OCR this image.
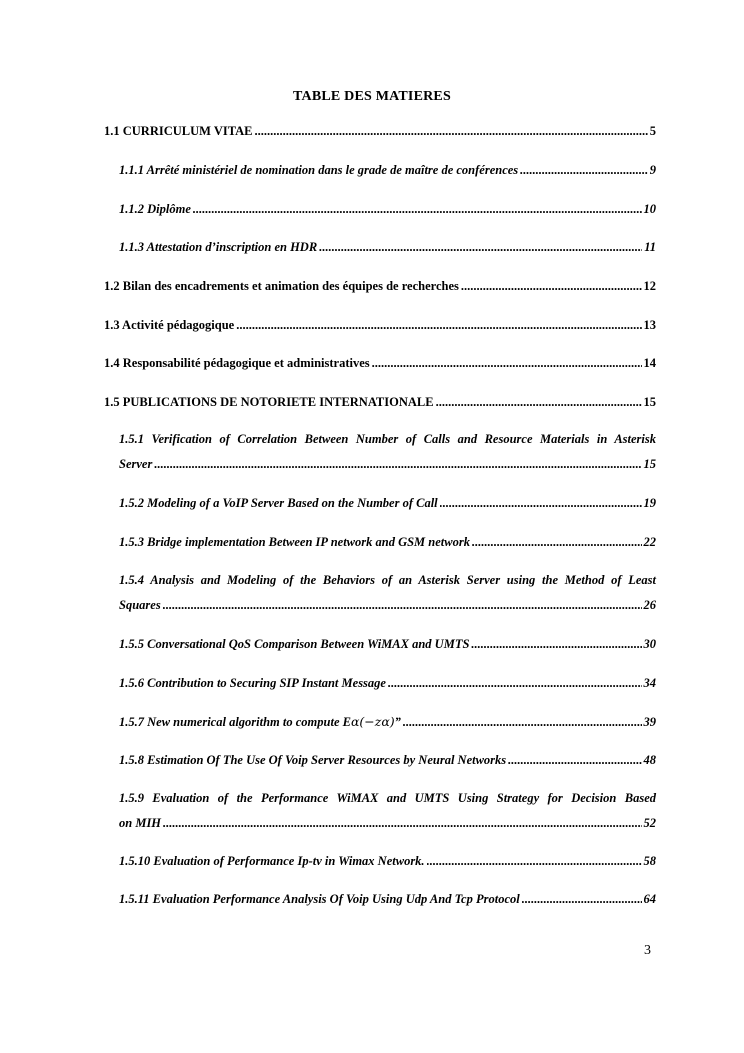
TABLE DES MATIERES
1.1 CURRICULUM VITAE .....	5
1.1.1 Arrêté ministériel de nomination dans le grade de maître de conférences .....	9
1.1.2 Diplôme .....	10
1.1.3 Attestation d’inscription en HDR .....	11
1.2 Bilan des encadrements et animation des équipes de recherches .....	12
1.3 Activité pédagogique .....	13
1.4 Responsabilité pédagogique et administratives .....	14
1.5 PUBLICATIONS DE NOTORIETE INTERNATIONALE .....	15
1.5.1 Verification of Correlation Between Number of Calls and Resource Materials in Asterisk
Server .....	15
1.5.2 Modeling of a VoIP Server Based on the Number of Call .....	19
1.5.3 Bridge implementation Between IP network and GSM network .....	22
1.5.4 Analysis and Modeling of the Behaviors of an Asterisk Server using the Method of Least
Squares .....	26
1.5.5 Conversational QoS Comparison Between WiMAX and UMTS .....	30
1.5.6 Contribution to Securing SIP Instant Message .....	34
1.5.7 New numerical algorithm to compute Eα(−zα)” .....	39
1.5.8 Estimation Of The Use Of Voip Server Resources by Neural Networks .....	48
1.5.9 Evaluation of the Performance WiMAX and UMTS Using Strategy for Decision Based
on MIH .....	52
1.5.10 Evaluation of Performance Ip-tv in Wimax Network. .....	58
1.5.11 Evaluation Performance Analysis Of Voip Using Udp And Tcp Protocol .....	64
3
